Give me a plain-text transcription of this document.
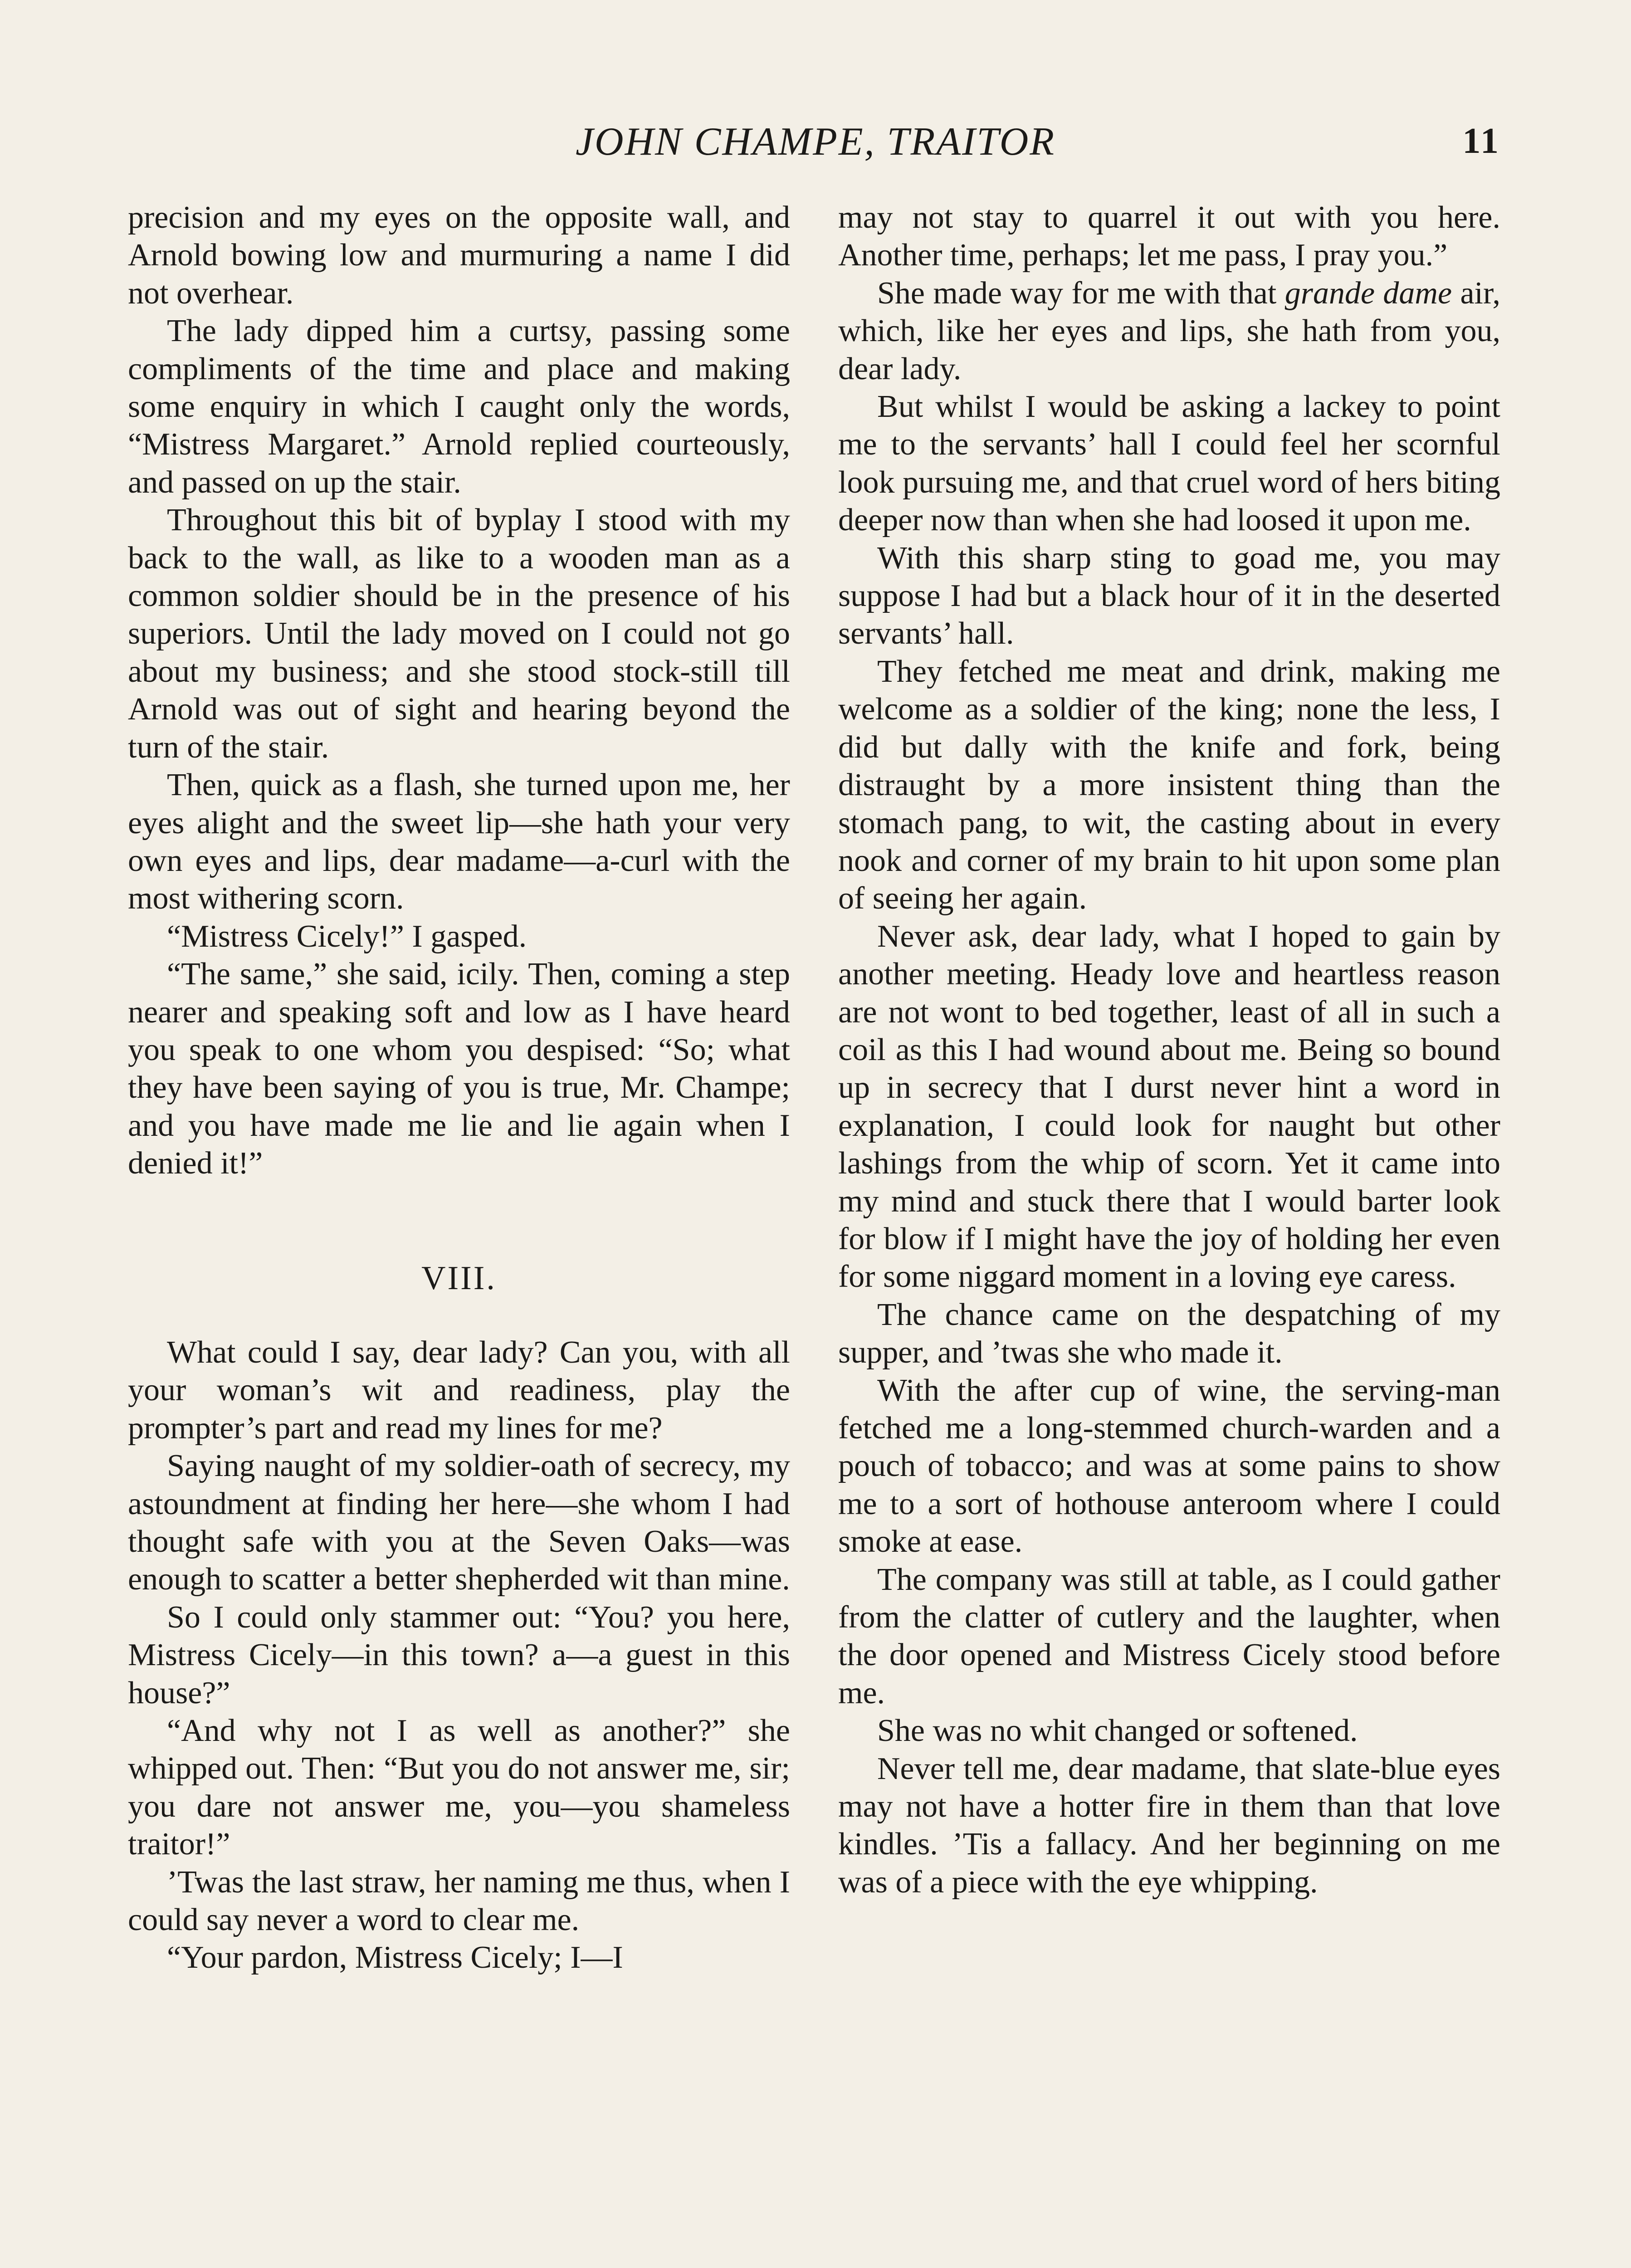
JOHN CHAMPE, TRAITOR	11

precision and my eyes on the opposite wall, and Arnold bowing low and murmuring a name I did not overhear.

The lady dipped him a curtsy, passing some compliments of the time and place and making some enquiry in which I caught only the words, “Mistress Margaret.” Arnold replied courteously, and passed on up the stair.

Throughout this bit of byplay I stood with my back to the wall, as like to a wooden man as a common soldier should be in the presence of his superiors. Until the lady moved on I could not go about my business; and she stood stock-still till Arnold was out of sight and hearing beyond the turn of the stair.

Then, quick as a flash, she turned upon me, her eyes alight and the sweet lip—she hath your very own eyes and lips, dear madame—a-curl with the most withering scorn.

“Mistress Cicely!” I gasped.

“The same,” she said, icily. Then, coming a step nearer and speaking soft and low as I have heard you speak to one whom you despised: “So; what they have been saying of you is true, Mr. Champe; and you have made me lie and lie again when I denied it!”

VIII.

What could I say, dear lady? Can you, with all your woman’s wit and readiness, play the prompter’s part and read my lines for me?

Saying naught of my soldier-oath of secrecy, my astoundment at finding her here—she whom I had thought safe with you at the Seven Oaks—was enough to scatter a better shepherded wit than mine.

So I could only stammer out: “You? you here, Mistress Cicely—in this town? a—a guest in this house?”

“And why not I as well as another?” she whipped out. Then: “But you do not answer me, sir; you dare not answer me, you—you shameless traitor!”

’Twas the last straw, her naming me thus, when I could say never a word to clear me.

“Your pardon, Mistress Cicely; I—I

may not stay to quarrel it out with you here. Another time, perhaps; let me pass, I pray you.”

She made way for me with that grande dame air, which, like her eyes and lips, she hath from you, dear lady.

But whilst I would be asking a lackey to point me to the servants’ hall I could feel her scornful look pursuing me, and that cruel word of hers biting deeper now than when she had loosed it upon me.

With this sharp sting to goad me, you may suppose I had but a black hour of it in the deserted servants’ hall.

They fetched me meat and drink, making me welcome as a soldier of the king; none the less, I did but dally with the knife and fork, being distraught by a more insistent thing than the stomach pang, to wit, the casting about in every nook and corner of my brain to hit upon some plan of seeing her again.

Never ask, dear lady, what I hoped to gain by another meeting. Heady love and heartless reason are not wont to bed together, least of all in such a coil as this I had wound about me. Being so bound up in secrecy that I durst never hint a word in explanation, I could look for naught but other lashings from the whip of scorn. Yet it came into my mind and stuck there that I would barter look for blow if I might have the joy of holding her even for some niggard moment in a loving eye caress.

The chance came on the despatching of my supper, and ’twas she who made it.

With the after cup of wine, the serving-man fetched me a long-stemmed church-warden and a pouch of tobacco; and was at some pains to show me to a sort of hothouse anteroom where I could smoke at ease.

The company was still at table, as I could gather from the clatter of cutlery and the laughter, when the door opened and Mistress Cicely stood before me.

She was no whit changed or softened.

Never tell me, dear madame, that slate-blue eyes may not have a hotter fire in them than that love kindles. ’Tis a fallacy. And her beginning on me was of a piece with the eye whipping.
